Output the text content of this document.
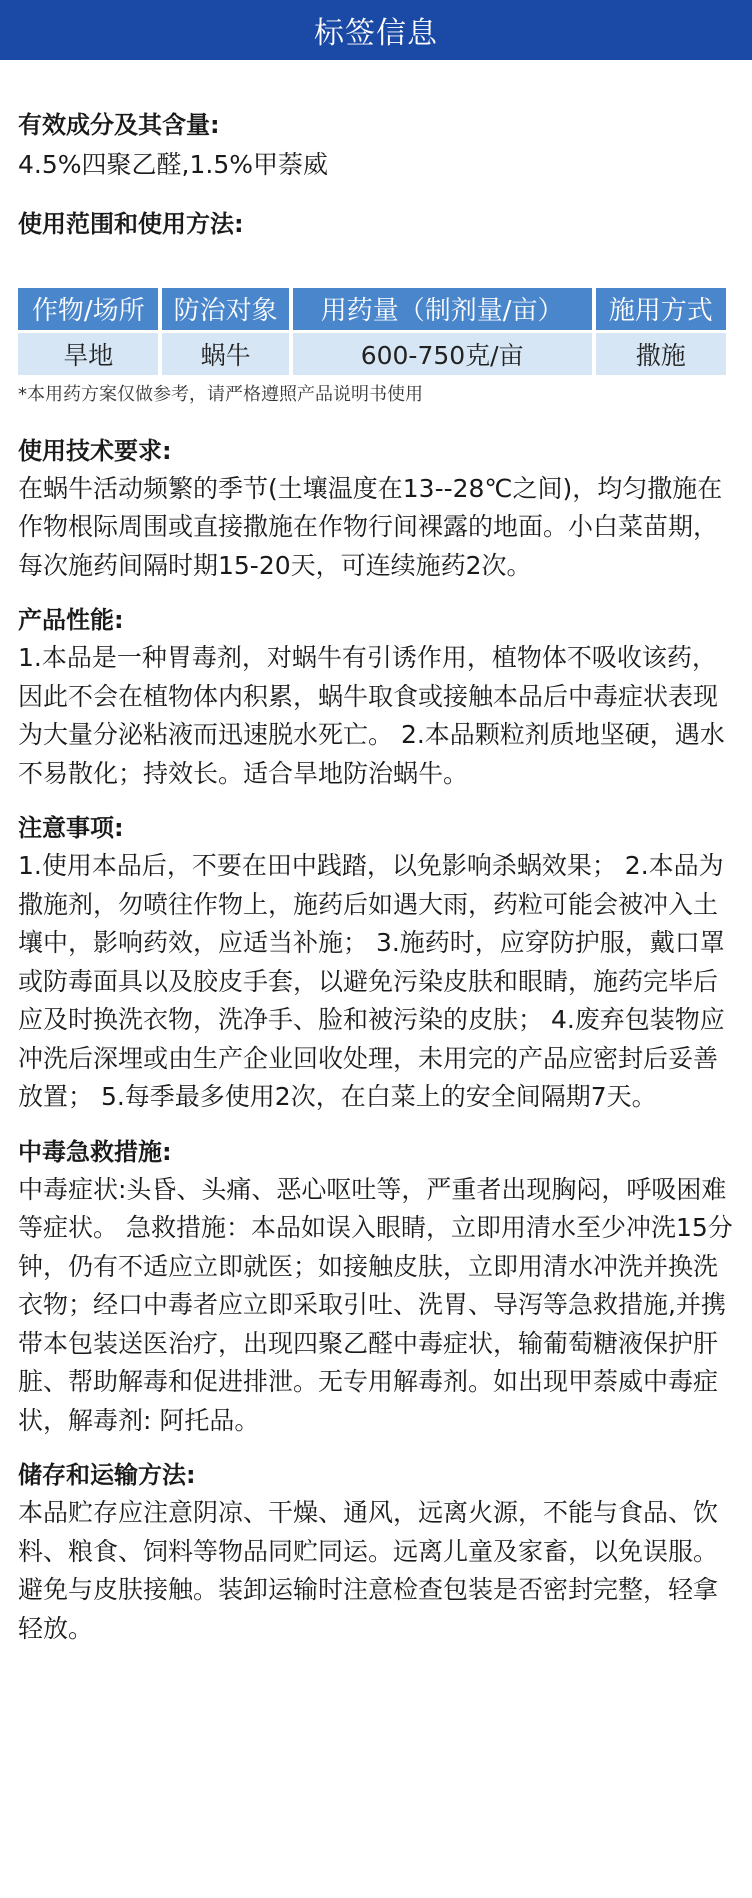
标签信息

有效成分及其含量:

4.5%四聚乙醛,1.5%甲萘威

使用范围和使用方法:

作物/场所	防治对象	用药量（制剂量/亩）	施用方式
旱地	蜗牛	600-750克/亩	撒施

*本用药方案仅做参考，请严格遵照产品说明书使用

使用技术要求:

在蜗牛活动频繁的季节(土壤温度在13--28℃之间)，均匀撒施在作物根际周围或直接撒施在作物行间裸露的地面。小白菜苗期，每次施药间隔时期15-20天，可连续施药2次。

产品性能:

1.本品是一种胃毒剂，对蜗牛有引诱作用，植物体不吸收该药，因此不会在植物体内积累，蜗牛取食或接触本品后中毒症状表现为大量分泌粘液而迅速脱水死亡。 2.本品颗粒剂质地坚硬，遇水不易散化；持效长。适合旱地防治蜗牛。

注意事项:

1.使用本品后，不要在田中践踏，以免影响杀蜗效果； 2.本品为撒施剂，勿喷往作物上，施药后如遇大雨，药粒可能会被冲入土壤中，影响药效，应适当补施； 3.施药时，应穿防护服，戴口罩或防毒面具以及胶皮手套，以避免污染皮肤和眼睛，施药完毕后应及时换洗衣物，洗净手、脸和被污染的皮肤； 4.废弃包装物应冲洗后深埋或由生产企业回收处理，未用完的产品应密封后妥善放置； 5.每季最多使用2次，在白菜上的安全间隔期7天。

中毒急救措施:

中毒症状:头昏、头痛、恶心呕吐等，严重者出现胸闷，呼吸困难等症状。 急救措施：本品如误入眼睛，立即用清水至少冲洗15分钟，仍有不适应立即就医；如接触皮肤，立即用清水冲洗并换洗衣物；经口中毒者应立即采取引吐、洗胃、导泻等急救措施,并携带本包装送医治疗，出现四聚乙醛中毒症状，输葡萄糖液保护肝脏、帮助解毒和促进排泄。无专用解毒剂。如出现甲萘威中毒症状，解毒剂: 阿托品。

储存和运输方法:

本品贮存应注意阴凉、干燥、通风，远离火源，不能与食品、饮料、粮食、饲料等物品同贮同运。远离儿童及家畜，以免误服。避免与皮肤接触。装卸运输时注意检查包装是否密封完整，轻拿轻放。
